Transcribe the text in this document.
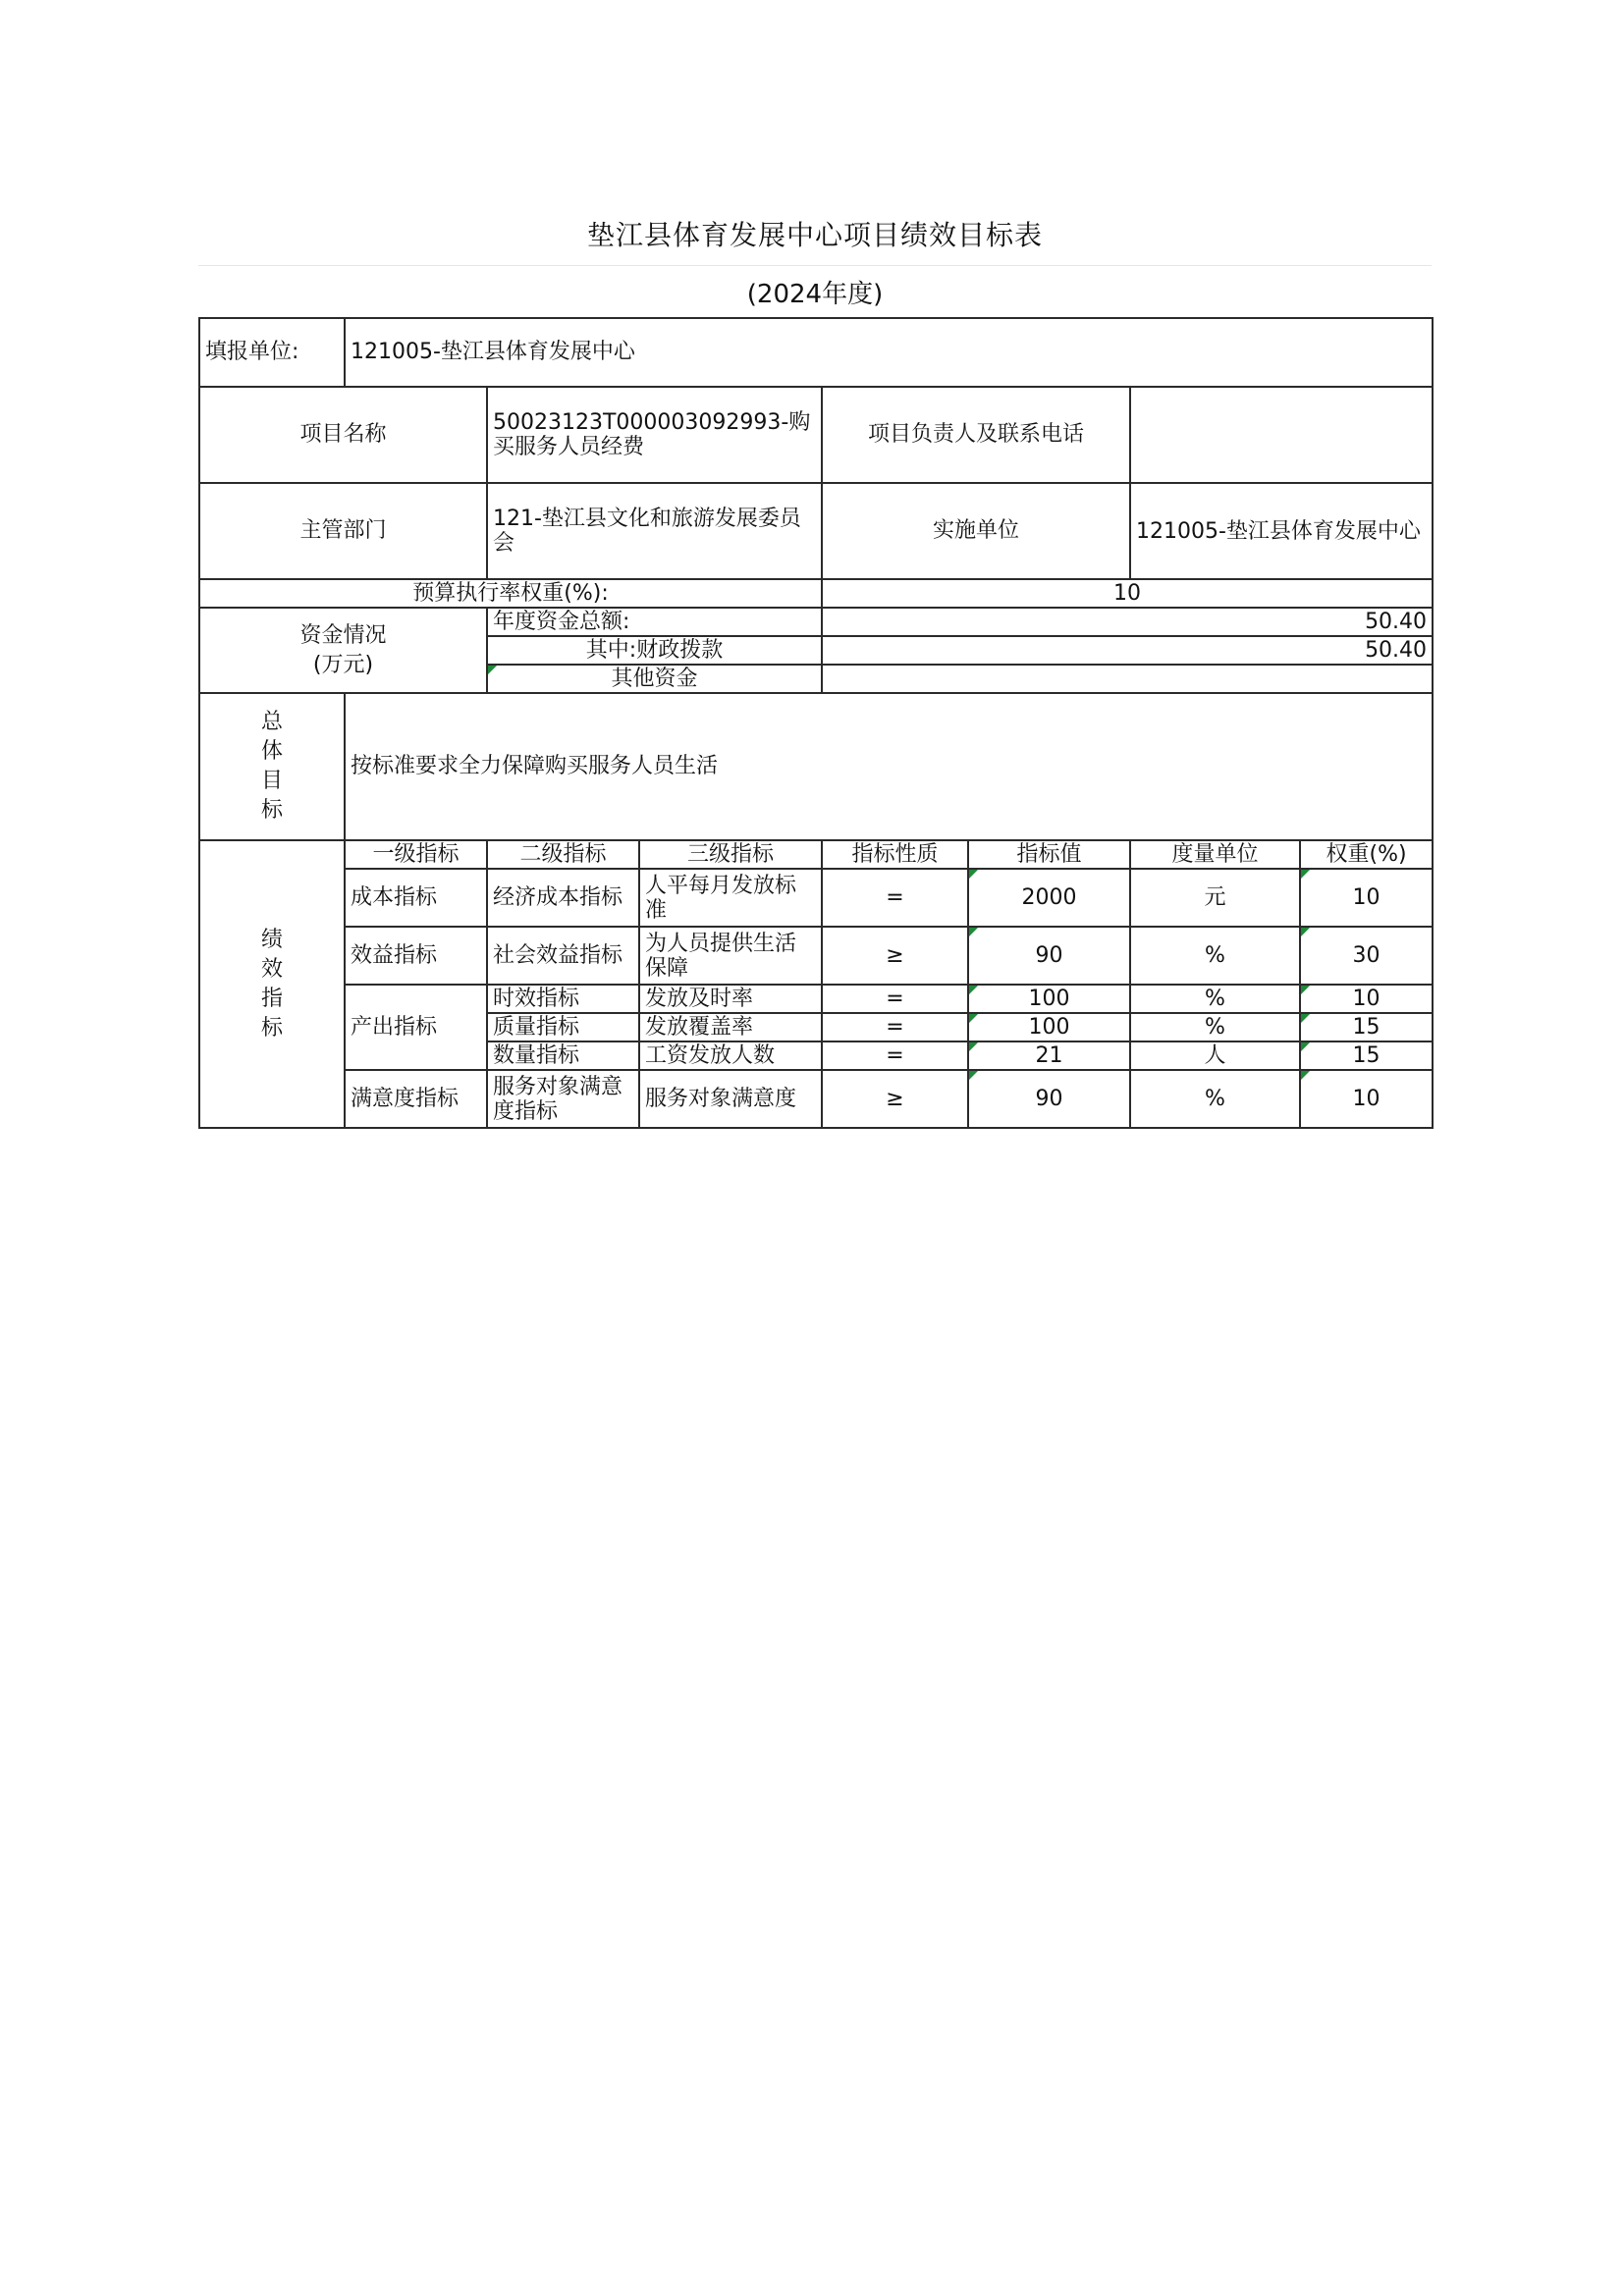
垫江县体育发展中心项目绩效目标表
(2024年度)
填报单位:	121005-垫江县体育发展中心						
项目名称		50023123T000003092993-购买服务人员经费		项目负责人及联系电话			
主管部门		121-垫江县文化和旅游发展委员会		实施单位		121005-垫江县体育发展中心	
预算执行率权重(%):				10			
资金情况
(万元)		年度资金总额:		50.40			
		其中:财政拨款		50.40			
		其他资金					
总
体
目
标	按标准要求全力保障购买服务人员生活						
绩
效
指
标	一级指标	二级指标	三级指标	指标性质	指标值	度量单位	权重(%)
	成本指标	经济成本指标	人平每月发放标准	=	2000	元	10
	效益指标	社会效益指标	为人员提供生活保障	≥	90	%	30
	产出指标	时效指标	发放及时率	=	100	%	10
		质量指标	发放覆盖率	=	100	%	15
		数量指标	工资发放人数	=	21	人	15
	满意度指标	服务对象满意度指标	服务对象满意度	≥	90	%	10
